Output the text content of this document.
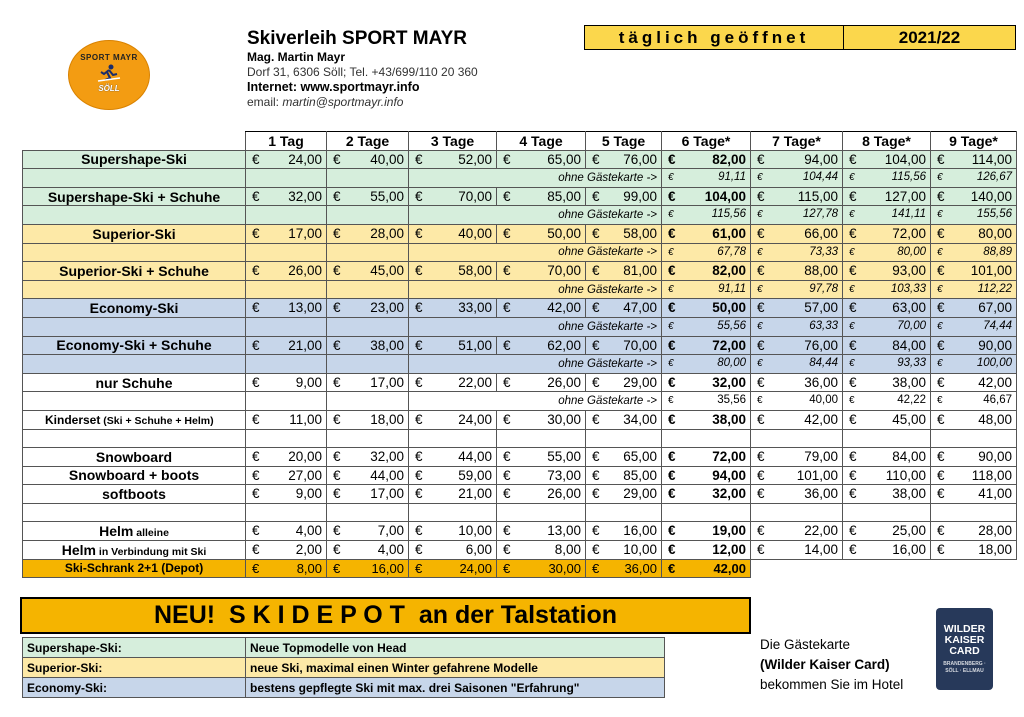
SPORT MAYR
SÖLL
Skiverleih SPORT MAYR
Mag. Martin Mayr
Dorf 31, 6306 Söll; Tel. +43/699/110 20 360
Internet: www.sportmayr.info
email: martin@sportmayr.info
täglich geöffnet	2021/22
	1 Tag	2 Tage	3 Tage	4 Tage	5 Tage	6 Tage*	7 Tage*	8 Tage*	9 Tage*
Supershape-Ski	€ 24,00	€ 40,00	€ 52,00	€ 65,00	€ 76,00	€ 82,00	€ 94,00	€ 104,00	€ 114,00

			ohne Gästekarte ->			€ 91,11	€ 104,44	€ 115,56	€ 126,67

Supershape-Ski + Schuhe	€ 32,00	€ 55,00	€ 70,00	€ 85,00	€ 99,00	€ 104,00	€ 115,00	€ 127,00	€ 140,00

			ohne Gästekarte ->			€ 115,56	€ 127,78	€ 141,11	€ 155,56

Superior-Ski	€ 17,00	€ 28,00	€ 40,00	€ 50,00	€ 58,00	€ 61,00	€ 66,00	€ 72,00	€ 80,00

			ohne Gästekarte ->			€ 67,78	€ 73,33	€ 80,00	€ 88,89

Superior-Ski + Schuhe	€ 26,00	€ 45,00	€ 58,00	€ 70,00	€ 81,00	€ 82,00	€ 88,00	€ 93,00	€ 101,00

			ohne Gästekarte ->			€ 91,11	€ 97,78	€ 103,33	€ 112,22

Economy-Ski	€ 13,00	€ 23,00	€ 33,00	€ 42,00	€ 47,00	€ 50,00	€ 57,00	€ 63,00	€ 67,00

			ohne Gästekarte ->			€ 55,56	€ 63,33	€ 70,00	€ 74,44

Economy-Ski + Schuhe	€ 21,00	€ 38,00	€ 51,00	€ 62,00	€ 70,00	€ 72,00	€ 76,00	€ 84,00	€ 90,00

			ohne Gästekarte ->			€ 80,00	€ 84,44	€ 93,33	€ 100,00

nur Schuhe	€ 9,00	€ 17,00	€ 22,00	€ 26,00	€ 29,00	€ 32,00	€ 36,00	€ 38,00	€ 42,00

			ohne Gästekarte ->			€ 35,56	€ 40,00	€ 42,22	€ 46,67

Kinderset (Ski + Schuhe + Helm)	€ 11,00	€ 18,00	€ 24,00	€ 30,00	€ 34,00	€ 38,00	€ 42,00	€ 45,00	€ 48,00

Snowboard	€ 20,00	€ 32,00	€ 44,00	€ 55,00	€ 65,00	€ 72,00	€ 79,00	€ 84,00	€ 90,00

Snowboard + boots	€ 27,00	€ 44,00	€ 59,00	€ 73,00	€ 85,00	€ 94,00	€ 101,00	€ 110,00	€ 118,00

softboots	€ 9,00	€ 17,00	€ 21,00	€ 26,00	€ 29,00	€ 32,00	€ 36,00	€ 38,00	€ 41,00

Helm alleine	€ 4,00	€ 7,00	€ 10,00	€ 13,00	€ 16,00	€ 19,00	€ 22,00	€ 25,00	€ 28,00

Helm in Verbindung mit Ski	€ 2,00	€ 4,00	€ 6,00	€ 8,00	€ 10,00	€ 12,00	€ 14,00	€ 16,00	€ 18,00

Ski-Schrank 2+1 (Depot)	€ 8,00	€ 16,00	€ 24,00	€ 30,00	€ 36,00	€ 42,00			

NEU!  S K I D E P O T  an der Talstation
Supershape-Ski:	Neue Topmodelle von Head
Superior-Ski:	neue Ski, maximal einen Winter gefahrene Modelle
Economy-Ski:	bestens gepflegte Ski mit max. drei Saisonen "Erfahrung"
Die Gästekarte
(Wilder Kaiser Card)
bekommen Sie im Hotel
WILDER
KAISER
CARD
BRANDENBERG · SÖLL · ELLMAU
